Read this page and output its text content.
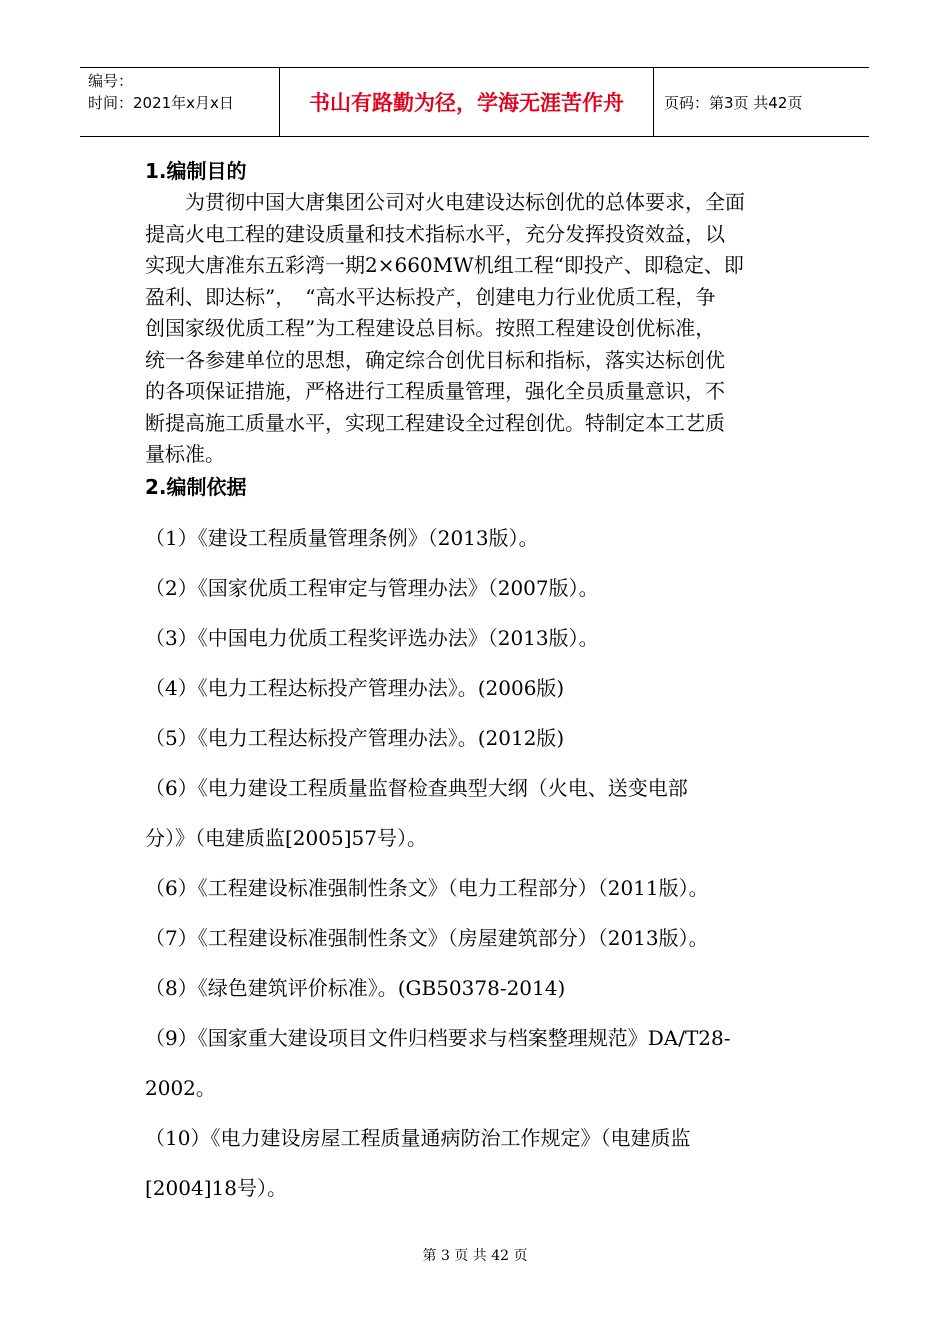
编号：
时间：2021年x月x日	书山有路勤为径，学海无涯苦作舟	页码：第3页 共42页
1.编制目的

　　为贯彻中国大唐集团公司对火电建设达标创优的总体要求，全面

提高火电工程的建设质量和技术指标水平，充分发挥投资效益，以

实现大唐准东五彩湾一期2×660MW机组工程“即投产、即稳定、即

盈利、即达标”，　“高水平达标投产，创建电力行业优质工程，争

创国家级优质工程”为工程建设总目标。按照工程建设创优标准，

统一各参建单位的思想，确定综合创优目标和指标，落实达标创优

的各项保证措施，严格进行工程质量管理，强化全员质量意识，不

断提高施工质量水平，实现工程建设全过程创优。特制定本工艺质

量标准。

2.编制依据
（1）《建设工程质量管理条例》（2013版）。
（2）《国家优质工程审定与管理办法》（2007版）。
（3）《中国电力优质工程奖评选办法》（2013版）。
（4）《电力工程达标投产管理办法》。(2006版)
（5）《电力工程达标投产管理办法》。(2012版)
（6）《电力建设工程质量监督检查典型大纲（火电、送变电部
分）》（电建质监[2005]57号）。
（6）《工程建设标准强制性条文》（电力工程部分）（2011版）。
（7）《工程建设标准强制性条文》（房屋建筑部分）（2013版）。
（8）《绿色建筑评价标准》。(GB50378-2014)
（9）《国家重大建设项目文件归档要求与档案整理规范》DA/T28-
2002。
（10）《电力建设房屋工程质量通病防治工作规定》（电建质监
[2004]18号）。
第 3 页 共 42 页
